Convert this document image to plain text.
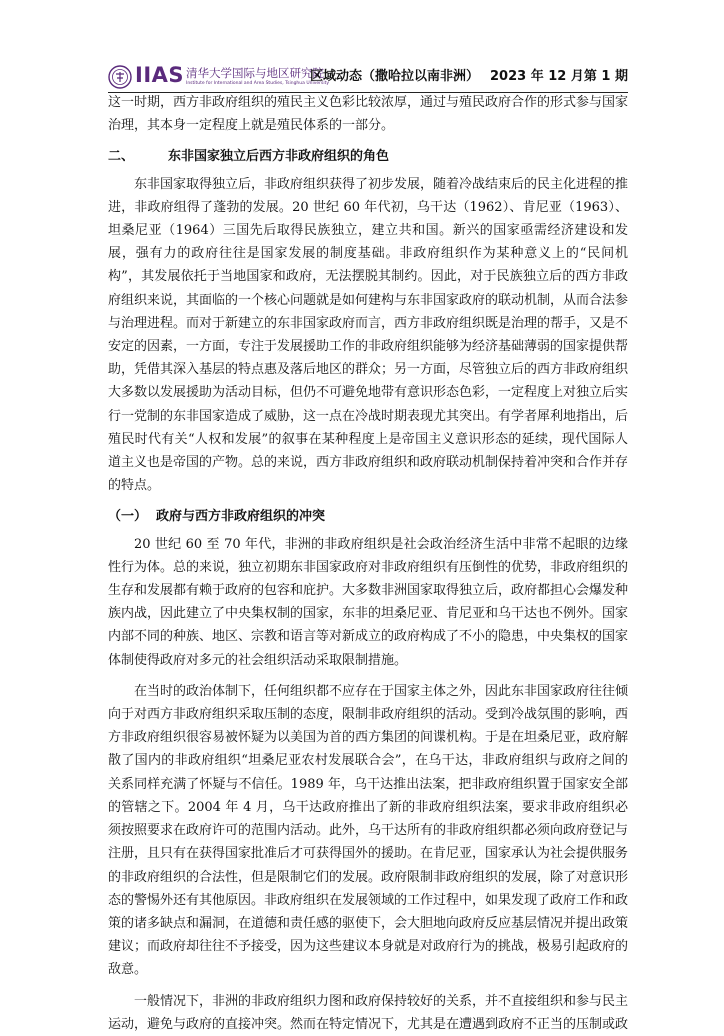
IIAS 清华大学国际与地区研究院
Institute for International and Area Studies, Tsinghua University
区域动态（撒哈拉以南非洲） 2023 年 12 月第 1 期

这一时期，西方非政府组织的殖民主义色彩比较浓厚，通过与殖民政府合作的形式参与国家治理，其本身一定程度上就是殖民体系的一部分。

二、	东非国家独立后西方非政府组织的角色

东非国家取得独立后，非政府组织获得了初步发展，随着冷战结束后的民主化进程的推进，非政府组得了蓬勃的发展。20 世纪 60 年代初，乌干达（1962）、肯尼亚（1963）、坦桑尼亚（1964）三国先后取得民族独立，建立共和国。新兴的国家亟需经济建设和发展，强有力的政府往往是国家发展的制度基础。非政府组织作为某种意义上的“民间机构”，其发展依托于当地国家和政府，无法摆脱其制约。因此，对于民族独立后的西方非政府组织来说，其面临的一个核心问题就是如何建构与东非国家政府的联动机制，从而合法参与治理进程。而对于新建立的东非国家政府而言，西方非政府组织既是治理的帮手，又是不安定的因素，一方面，专注于发展援助工作的非政府组织能够为经济基础薄弱的国家提供帮助，凭借其深入基层的特点惠及落后地区的群众；另一方面，尽管独立后的西方非政府组织大多数以发展援助为活动目标，但仍不可避免地带有意识形态色彩，一定程度上对独立后实行一党制的东非国家造成了威胁，这一点在冷战时期表现尤其突出。有学者犀利地指出，后殖民时代有关“人权和发展”的叙事在某种程度上是帝国主义意识形态的延续，现代国际人道主义也是帝国的产物。总的来说，西方非政府组织和政府联动机制保持着冲突和合作并存的特点。

（一） 政府与西方非政府组织的冲突

20 世纪 60 至 70 年代，非洲的非政府组织是社会政治经济生活中非常不起眼的边缘性行为体。总的来说，独立初期东非国家政府对非政府组织有压倒性的优势，非政府组织的生存和发展都有赖于政府的包容和庇护。大多数非洲国家取得独立后，政府都担心会爆发种族内战，因此建立了中央集权制的国家，东非的坦桑尼亚、肯尼亚和乌干达也不例外。国家内部不同的种族、地区、宗教和语言等对新成立的政府构成了不小的隐患，中央集权的国家体制使得政府对多元的社会组织活动采取限制措施。

在当时的政治体制下，任何组织都不应存在于国家主体之外，因此东非国家政府往往倾向于对西方非政府组织采取压制的态度，限制非政府组织的活动。受到冷战氛围的影响，西方非政府组织很容易被怀疑为以美国为首的西方集团的间谍机构。于是在坦桑尼亚，政府解散了国内的非政府组织“坦桑尼亚农村发展联合会”，在乌干达，非政府组织与政府之间的关系同样充满了怀疑与不信任。1989 年，乌干达推出法案，把非政府组织置于国家安全部的管辖之下。2004 年 4 月，乌干达政府推出了新的非政府组织法案，要求非政府组织必须按照要求在政府许可的范围内活动。此外，乌干达所有的非政府组织都必须向政府登记与注册，且只有在获得国家批准后才可获得国外的援助。在肯尼亚，国家承认为社会提供服务的非政府组织的合法性，但是限制它们的发展。政府限制非政府组织的发展，除了对意识形态的警惕外还有其他原因。非政府组织在发展领域的工作过程中，如果发现了政府工作和政策的诸多缺点和漏洞，在道德和责任感的驱使下，会大胆地向政府反应基层情况并提出政策建议；而政府却往往不予接受，因为这些建议本身就是对政府行为的挑战，极易引起政府的敌意。

一般情况下，非洲的非政府组织力图和政府保持较好的关系，并不直接组织和参与民主运动，避免与政府的直接冲突。然而在特定情况下，尤其是在遭遇到政府不正当的压制或政
